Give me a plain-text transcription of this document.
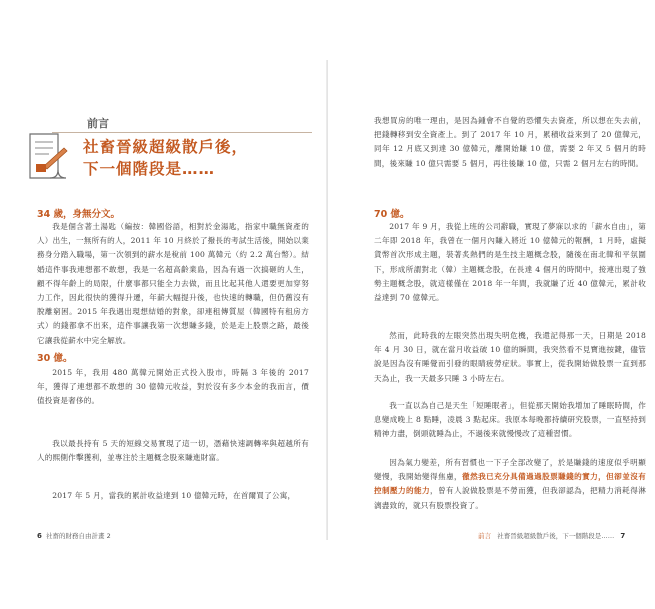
前言
社畜晉級超級散戶後，
下一個階段是……
34 歲，身無分文。
我是個含著土湯匙（編按：韓國俗語，相對於金湯匙，指家中職無資產的人）出生，一無所有的人，2011 年 10 月終於了撥長的考試生活後，開始以業務身分踏入職場，第一次領到的薪水是稅前 100 萬韓元（約 2.2 萬台幣）。結婚這件事我連想都不敢想，我是一名超高齡業島，因為有過一次搞砸的人生，顧不得年齡上的局限，什麼事都只能全力去做，而且比起其他人還要更加穿努力工作，因此很快的獲得升遷，年薪大幅提升後，也快速的轉職，但仍舊沒有脫離窮困。2015 年我遇出現想結婚的對象，卻連租傳質屋（韓國特有租房方式）的錢都拿不出來，這件事讓我第一次想賺多錢，於是走上股票之路，最後它讓我從薪水中完全解放。
30 億。
2015 年，我用 480 萬韓元開始正式投入股市，時隔 3 年後的 2017 年，獲得了連想都不敢想的 30 億韓元收益，對於沒有多少本金的我而言，價值投資是奢侈的。
我以最長持有 5 天的短線交易實現了這一切，憑藉快速調轉率與超越所有人的熙側作擊獲利，並專注於主題概念股來賺進財富。
2017 年 5 月，當我的累計收益達到 10 億韓元時，在首爾買了公寓，
6 社畜的財務自由計畫 2
我想買房的唯一理由，是因為鍾會不自覺的恐懼失去資產，所以想在失去前，把錢轉移到安全資產上。到了 2017 年 10 月，累積收益來到了 20 億韓元，同年 12 月底又到達 30 億韓元，離開始賺 10 億，需要 2 年又 5 個月的時間，後來賺 10 億只需要 5 個月，再往後賺 10 億，只需 2 個月左右的時間。
70 億。
2017 年 9 月，我從上班的公司辭職，實現了夢寐以求的「薪水自由」，第二年即 2018 年，我曾在一個月內賺入將近 10 億韓元的報酬，1 月時，虛擬貨幣首次形成主題，裝著炙熱們的是生技主題概念股，隨後在南北韓和平氛圍下，形成所謂對北（韓）主題概念股，在長達 4 個月的時間中，接連出現了強勢主題概念股，就這樣僅在 2018 年一年間，我就賺了近 40 億韓元，累計收益達到 70 億韓元。
然而，此時我的左眼突然出現失明危機，我還記得那一天，日期是 2018 年 4 月 30 日，就在當月收益破 10 億的瞬間，我突然看不見寶進按鍵，儘管說是因為沒有睡覺而引發的眼睛疲勞症狀。事實上，從我開始做股票一直到那天為止，我一天最多只睡 3 小時左右。
我一直以為自己是天生「短睡眠者」，但從那天開始我增加了睡眠時間，作息變成晚上 8 點睡，凌晨 3 點起床。我原本每晚都持續研究股票，一直堅持到精神力盡，倒頭就睡為止，不過後來就慢慢改了這種習慣。
因為氣力變差，所有習慣也一下子全部改變了，於是賺錢的速度似乎明顯變慢，我開始變得焦慮，徹然我已充分具備過過股票賺錢的實力，但卻並沒有控制壓力的能力，曾有人說做股票是不勞而獲，但我卻認為，把精力消耗得淋漓盡致的，就只有股票投資了。
前言 社畜晉級超級散戶後，下一個階段是…… 7
